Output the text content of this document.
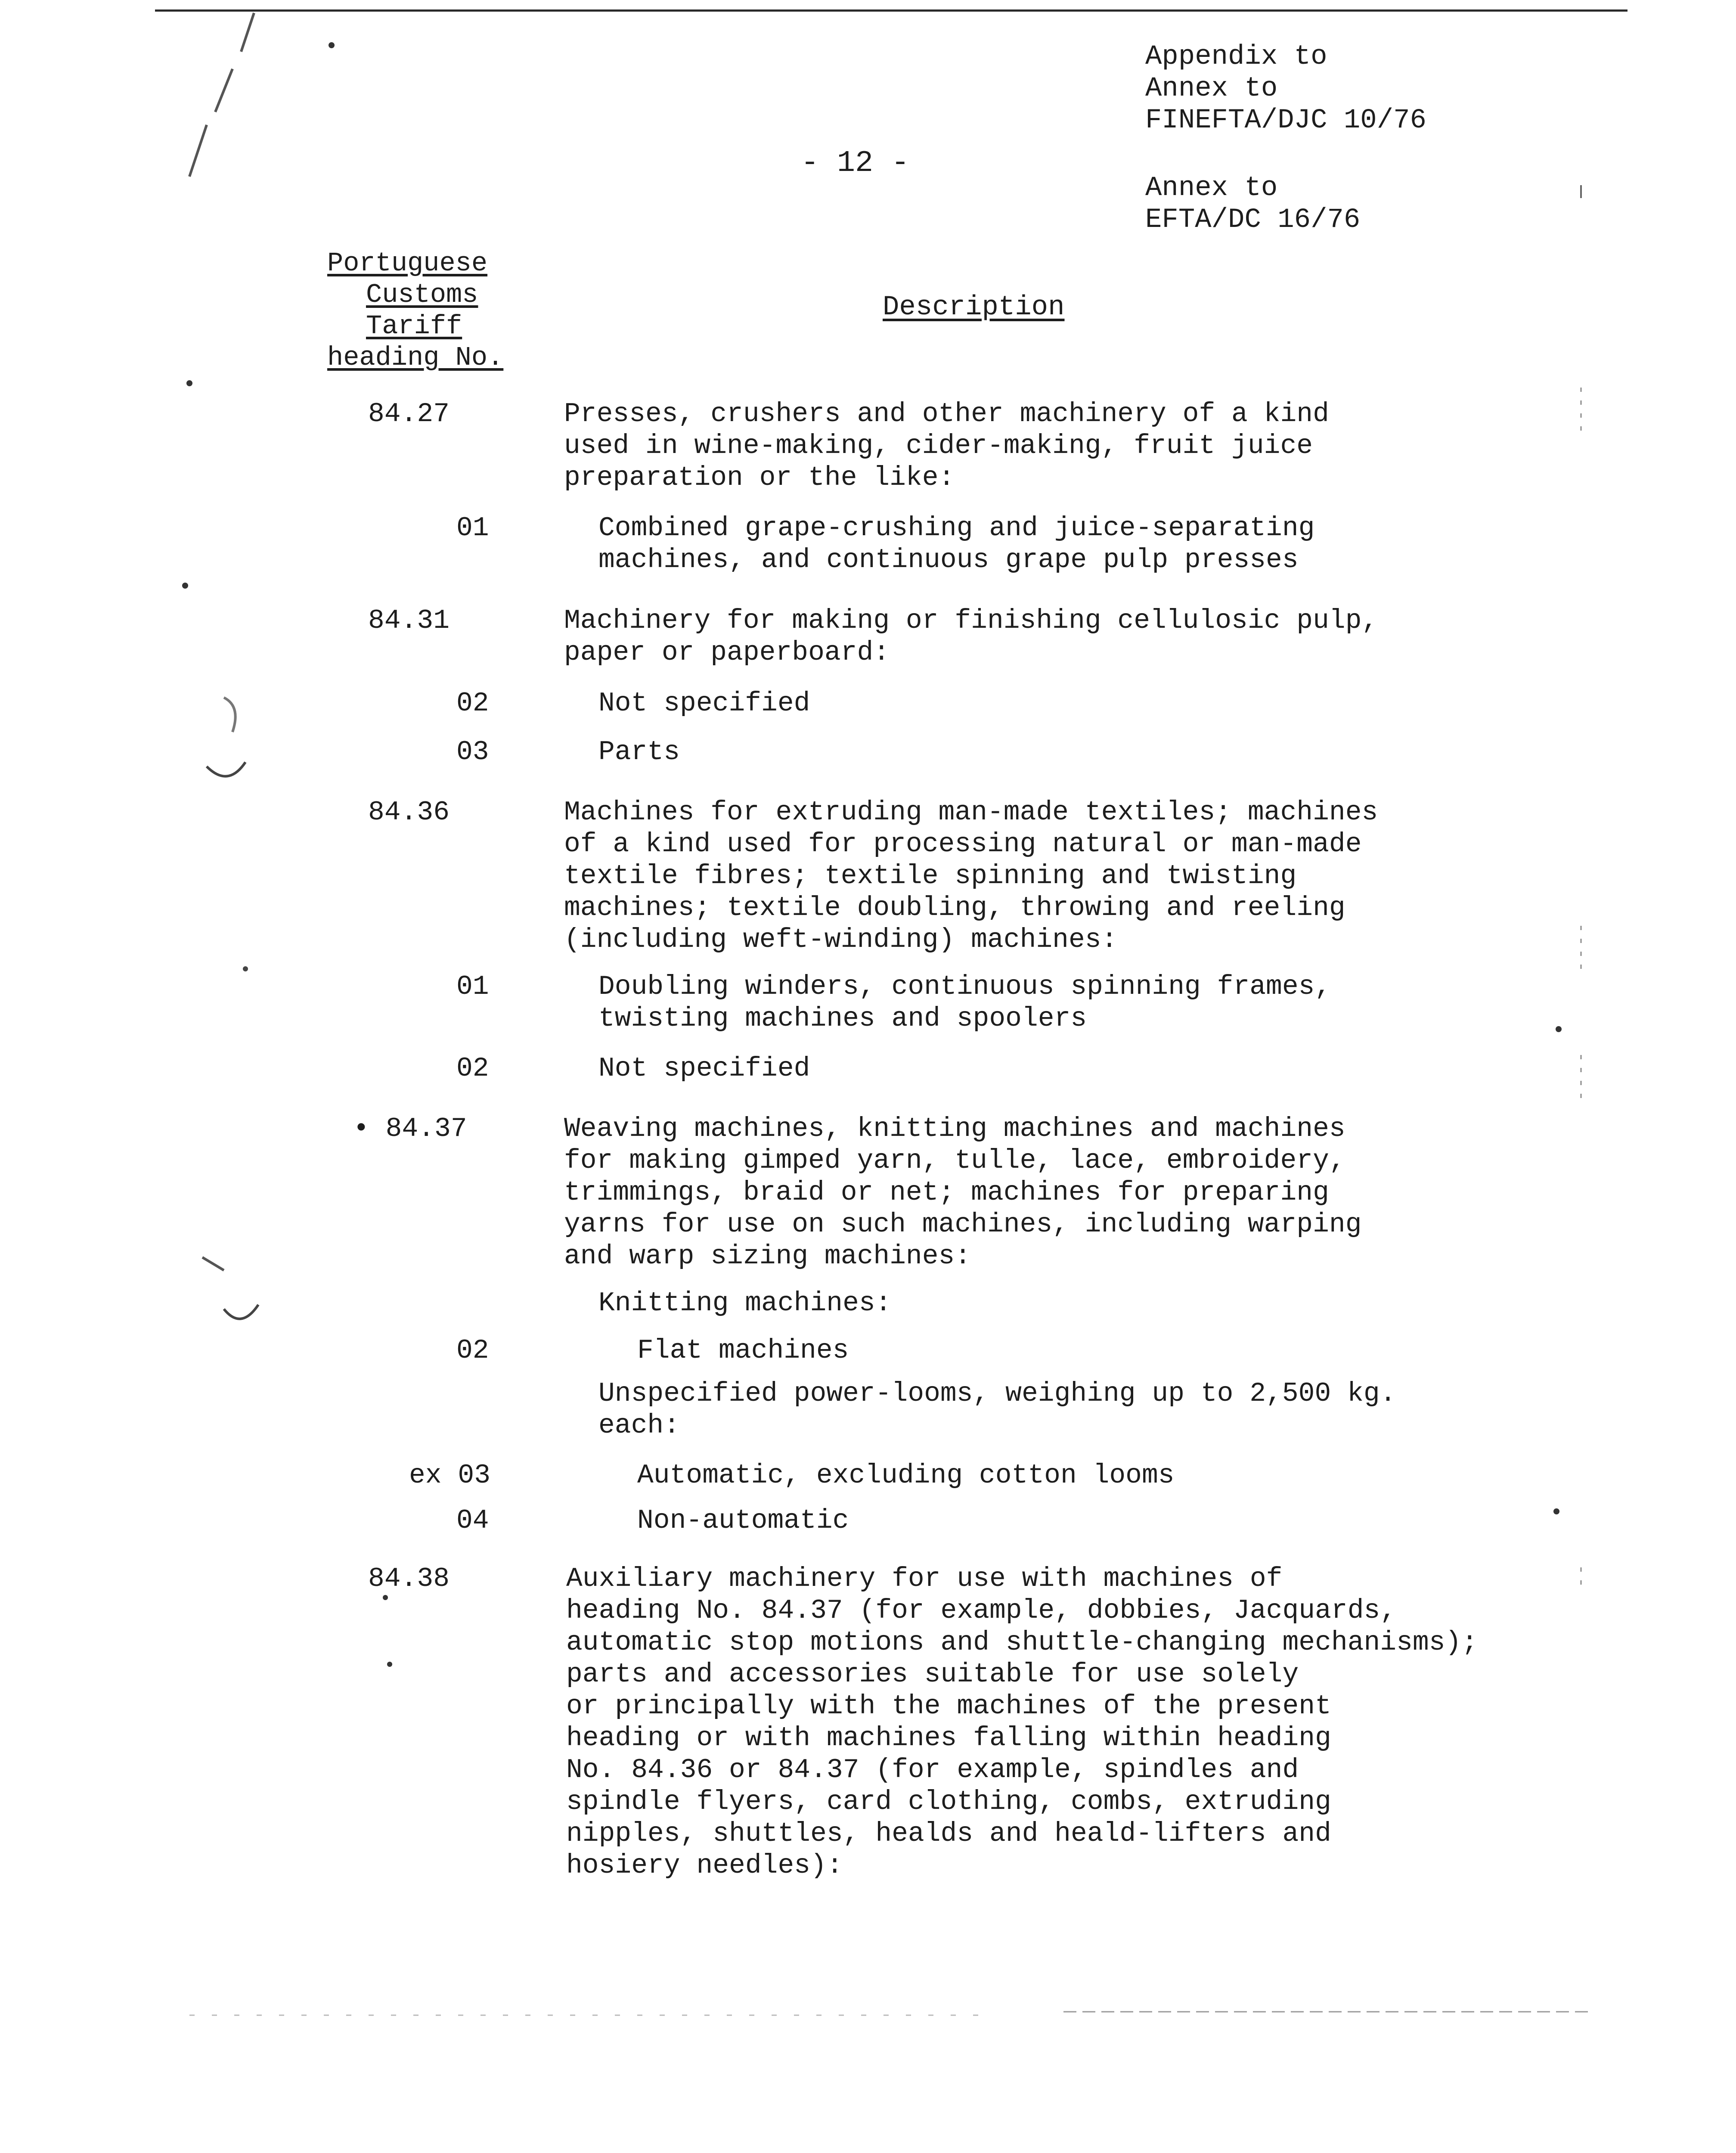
Appendix to
Annex to
FINEFTA/DJC 10/76
Annex to
EFTA/DC 16/76
- 12 -
Portuguese
Customs
Tariff
heading No.
Description
84.27	Presses, crushers and other machinery of a kind
used in wine-making, cider-making, fruit juice
preparation or the like:
01	Combined grape-crushing and juice-separating
machines, and continuous grape pulp presses
84.31	Machinery for making or finishing cellulosic pulp,
paper or paperboard:
02	Not specified
03	Parts
84.36	Machines for extruding man-made textiles; machines
of a kind used for processing natural or man-made
textile fibres; textile spinning and twisting
machines; textile doubling, throwing and reeling
(including weft-winding) machines:
01	Doubling winders, continuous spinning frames,
twisting machines and spoolers
02	Not specified
• 84.37	Weaving machines, knitting machines and machines
for making gimped yarn, tulle, lace, embroidery,
trimmings, braid or net; machines for preparing
yarns for use on such machines, including warping
and warp sizing machines:
Knitting machines:
02	Flat machines
Unspecified power-looms, weighing up to 2,500 kg.
each:
ex 03	Automatic, excluding cotton looms
04	Non-automatic
84.38	Auxiliary machinery for use with machines of
heading No. 84.37 (for example, dobbies, Jacquards,
automatic stop motions and shuttle-changing mechanisms);
parts and accessories suitable for use solely
or principally with the machines of the present
heading or with machines falling within heading
No. 84.36 or 84.37 (for example, spindles and
spindle flyers, card clothing, combs, extruding
nipples, shuttles, healds and heald-lifters and
hosiery needles):
